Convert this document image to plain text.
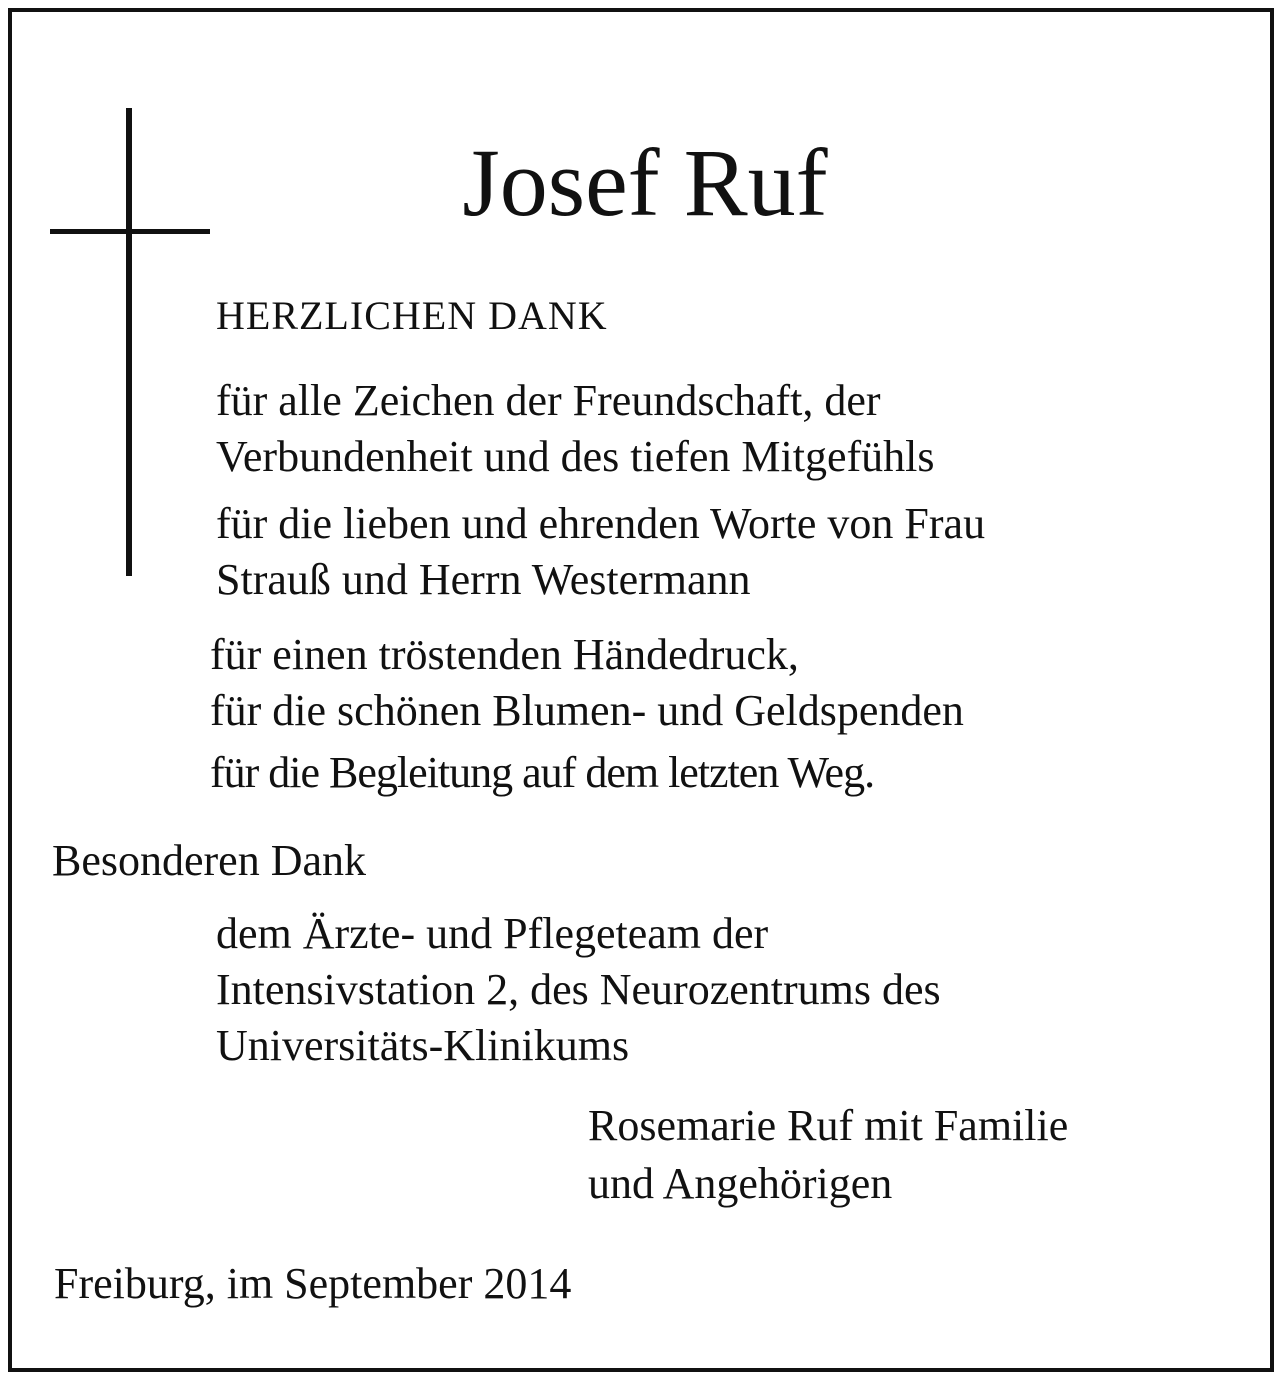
Josef Ruf
HERZLICHEN DANK
für alle Zeichen der Freundschaft, der
Verbundenheit und des tiefen Mitgefühls
für die lieben und ehrenden Worte von Frau
Strauß und Herrn Westermann
für einen tröstenden Händedruck,
für die schönen Blumen- und Geldspenden
für die Begleitung auf dem letzten Weg.
Besonderen Dank
dem Ärzte- und Pflegeteam der
Intensivstation 2, des Neurozentrums des
Universitäts-Klinikums
Rosemarie Ruf mit Familie
und Angehörigen
Freiburg, im September 2014
